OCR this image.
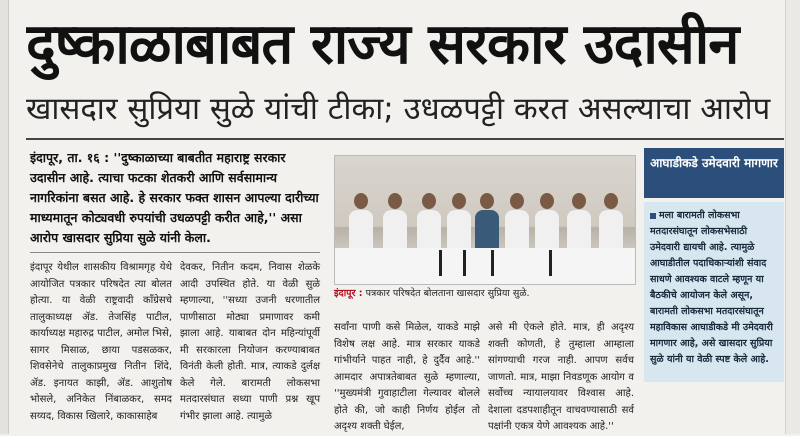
दुष्काळाबाबत राज्य सरकार उदासीन
खासदार सुप्रिया सुळे यांची टीका; उधळपट्टी करत असल्याचा आरोप
इंदापूर, ता. १६ : ''दुष्काळाच्या बाबतीत महाराष्ट्र सरकार उदासीन आहे. त्याचा फटका शेतकरी आणि सर्वसामान्य नागरिकांना बसत आहे. हे सरकार फक्त शासन आपल्या दारीच्या माध्यमातून कोट्यवधी रुपयांची उधळपट्टी करीत आहे,'' असा आरोप खासदार सुप्रिया सुळे यांनी केला.
इंदापूर येथील शासकीय विश्रामगृह येथे आयोजित पत्रकार परिषदेत त्या बोलत होत्या. या वेळी राष्ट्रवादी काँग्रेसचे तालुकाध्यक्ष ॲड. तेजसिंह पाटील, कार्याध्यक्ष महारुद्र पाटील, अमोल भिसे, सागर मिसाळ, छाया पडसळकर, शिवसेनेचे तालुकाप्रमुख नितीन शिंदे, ॲड. इनायत काझी, ॲड. आशुतोष भोसले, अनिकेत निंबाळकर, समद सय्यद, विकास खिलारे, काकासाहेब
देवकर, नितीन कदम, निवास शेळके आदी उपस्थित होते. या वेळी सुळे म्हणाल्या, ''सध्या उजनी धरणातील पाणीसाठा मोठ्या प्रमाणावर कमी झाला आहे. याबाबत दोन महिन्यांपूर्वी मी सरकारला नियोजन करण्याबाबत विनंती केली होती. मात्र, त्याकडे दुर्लक्ष केले गेले. बारामती लोकसभा मतदारसंघात सध्या पाणी प्रश्न खूप गंभीर झाला आहे. त्यामुळे
इंदापूर : पत्रकार परिषदेत बोलताना खासदार सुप्रिया सुळे.
सर्वांना पाणी कसे मिळेल, याकडे माझे विशेष लक्ष आहे. मात्र सरकार याकडे गांभीर्याने पाहत नाही, हे दुर्दैव आहे.'' आमदार अपात्रतेबाबत सुळे म्हणाल्या, ''मुख्यमंत्री गुवाहाटीला गेल्यावर बोलले होते की, जो काही निर्णय होईल तो अदृश्य शक्ती घेईल,
असे मी ऐकले होते. मात्र, ही अदृश्य शक्ती कोणती, हे तुम्हाला आम्हाला सांगण्याची गरज नाही. आपण सर्वच जाणतो. मात्र, माझा निवडणूक आयोग व सर्वोच्च न्यायालयावर विश्वास आहे. देशाला दडपशाहीतून वाचवण्यासाठी सर्व पक्षांनी एकत्र येणे आवश्यक आहे.''
आघाडीकडे उमेदवारी मागणार
मला बारामती लोकसभा मतदारसंघातून लोकसभेसाठी उमेदवारी द्यायची आहे. त्यामुळे आघाडीतील पदाधिकाऱ्यांशी संवाद साधणे आवश्यक वाटले म्हणून या बैठकीचे आयोजन केले असून, बारामती लोकसभा मतदारसंघातून महाविकास आघाडीकडे मी उमेदवारी मागणार आहे, असे खासदार सुप्रिया सुळे यांनी या वेळी स्पष्ट केले आहे.
